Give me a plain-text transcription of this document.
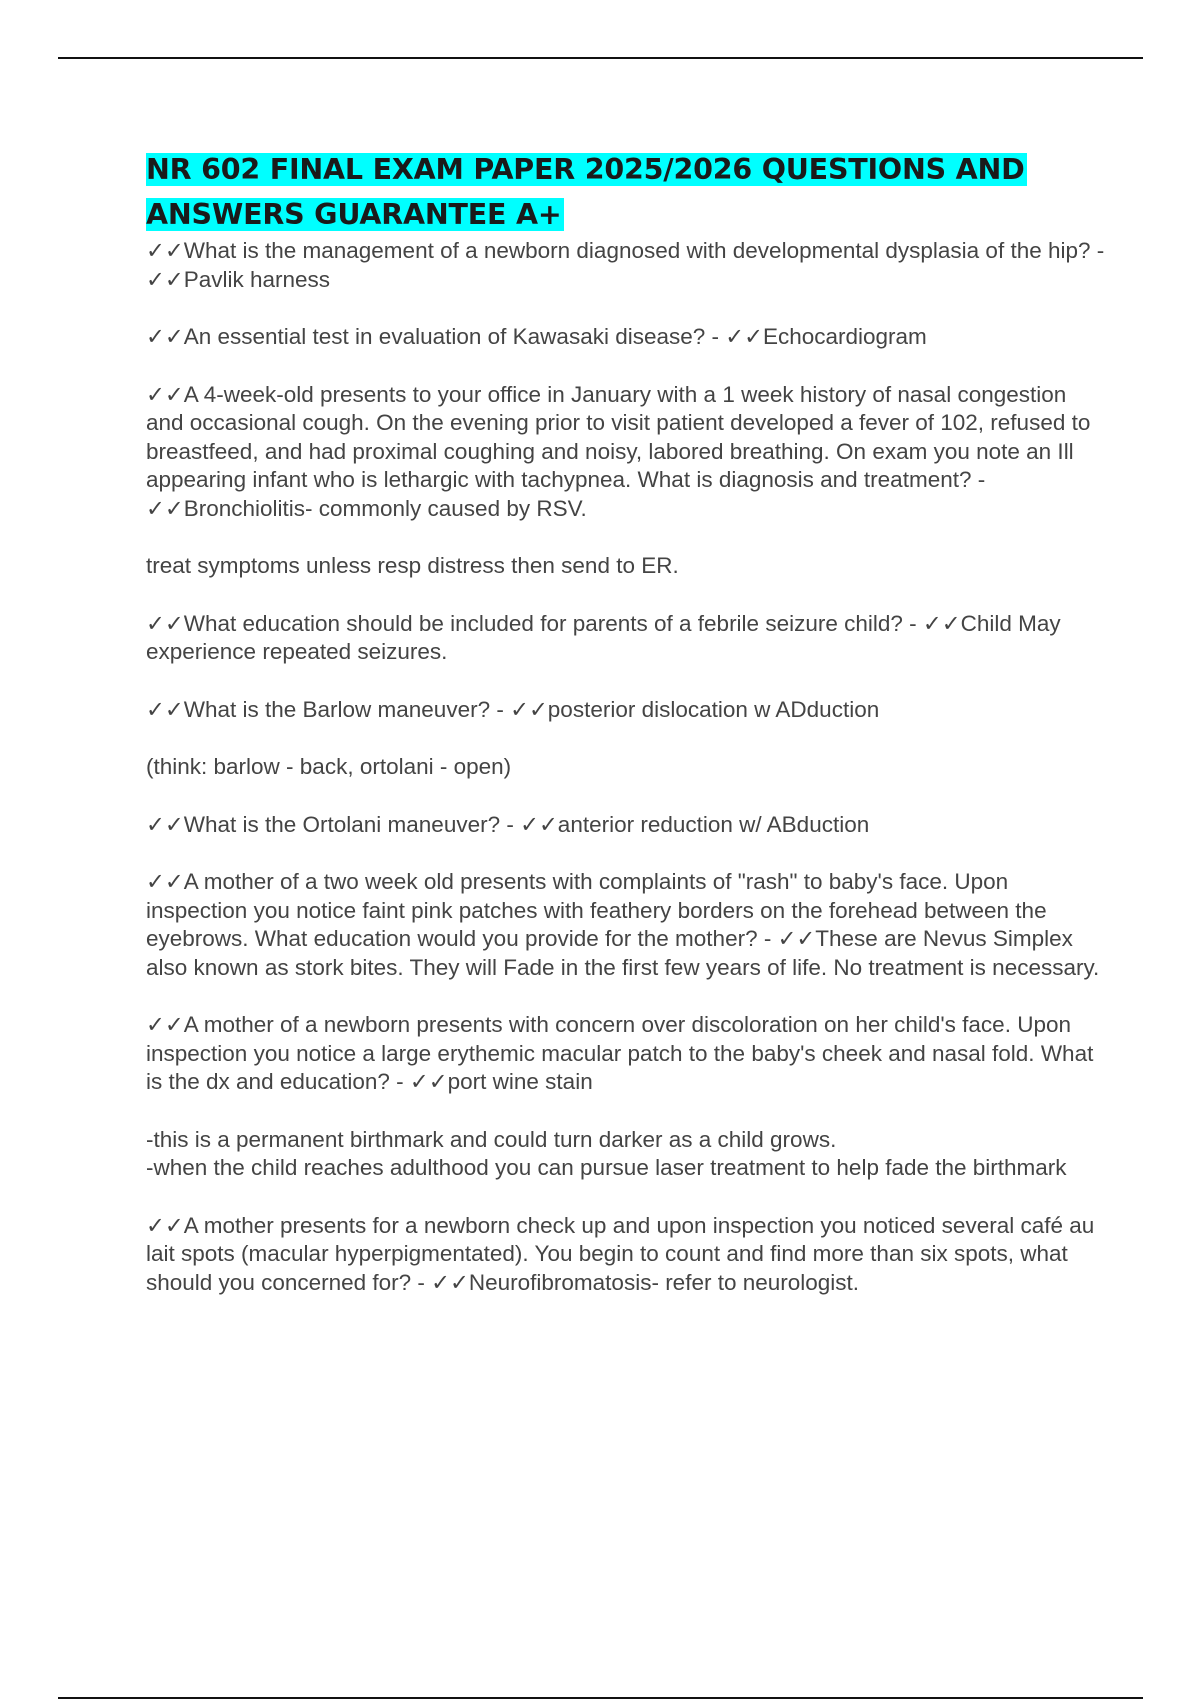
NR 602 FINAL EXAM PAPER 2025/2026 QUESTIONS AND ANSWERS GUARANTEE A+

✓✓What is the management of a newborn diagnosed with developmental dysplasia of the hip? - ✓✓Pavlik harness

✓✓An essential test in evaluation of Kawasaki disease? - ✓✓Echocardiogram

✓✓A 4-week-old presents to your office in January with a 1 week history of nasal congestion and occasional cough. On the evening prior to visit patient developed a fever of 102, refused to breastfeed, and had proximal coughing and noisy, labored breathing. On exam you note an Ill appearing infant who is lethargic with tachypnea. What is diagnosis and treatment? - ✓✓Bronchiolitis- commonly caused by RSV.

treat symptoms unless resp distress then send to ER.

✓✓What education should be included for parents of a febrile seizure child? - ✓✓Child May experience repeated seizures.

✓✓What is the Barlow maneuver? - ✓✓posterior dislocation w ADduction

(think: barlow - back, ortolani - open)

✓✓What is the Ortolani maneuver? - ✓✓anterior reduction w/ ABduction

✓✓A mother of a two week old presents with complaints of "rash" to baby's face. Upon inspection you notice faint pink patches with feathery borders on the forehead between the eyebrows. What education would you provide for the mother? - ✓✓These are Nevus Simplex also known as stork bites. They will Fade in the first few years of life. No treatment is necessary.

✓✓A mother of a newborn presents with concern over discoloration on her child's face. Upon inspection you notice a large erythemic macular patch to the baby's cheek and nasal fold. What is the dx and education? - ✓✓port wine stain

-this is a permanent birthmark and could turn darker as a child grows.
-when the child reaches adulthood you can pursue laser treatment to help fade the birthmark

✓✓A mother presents for a newborn check up and upon inspection you noticed several café au lait spots (macular hyperpigmentated). You begin to count and find more than six spots, what should you concerned for? - ✓✓Neurofibromatosis- refer to neurologist.
